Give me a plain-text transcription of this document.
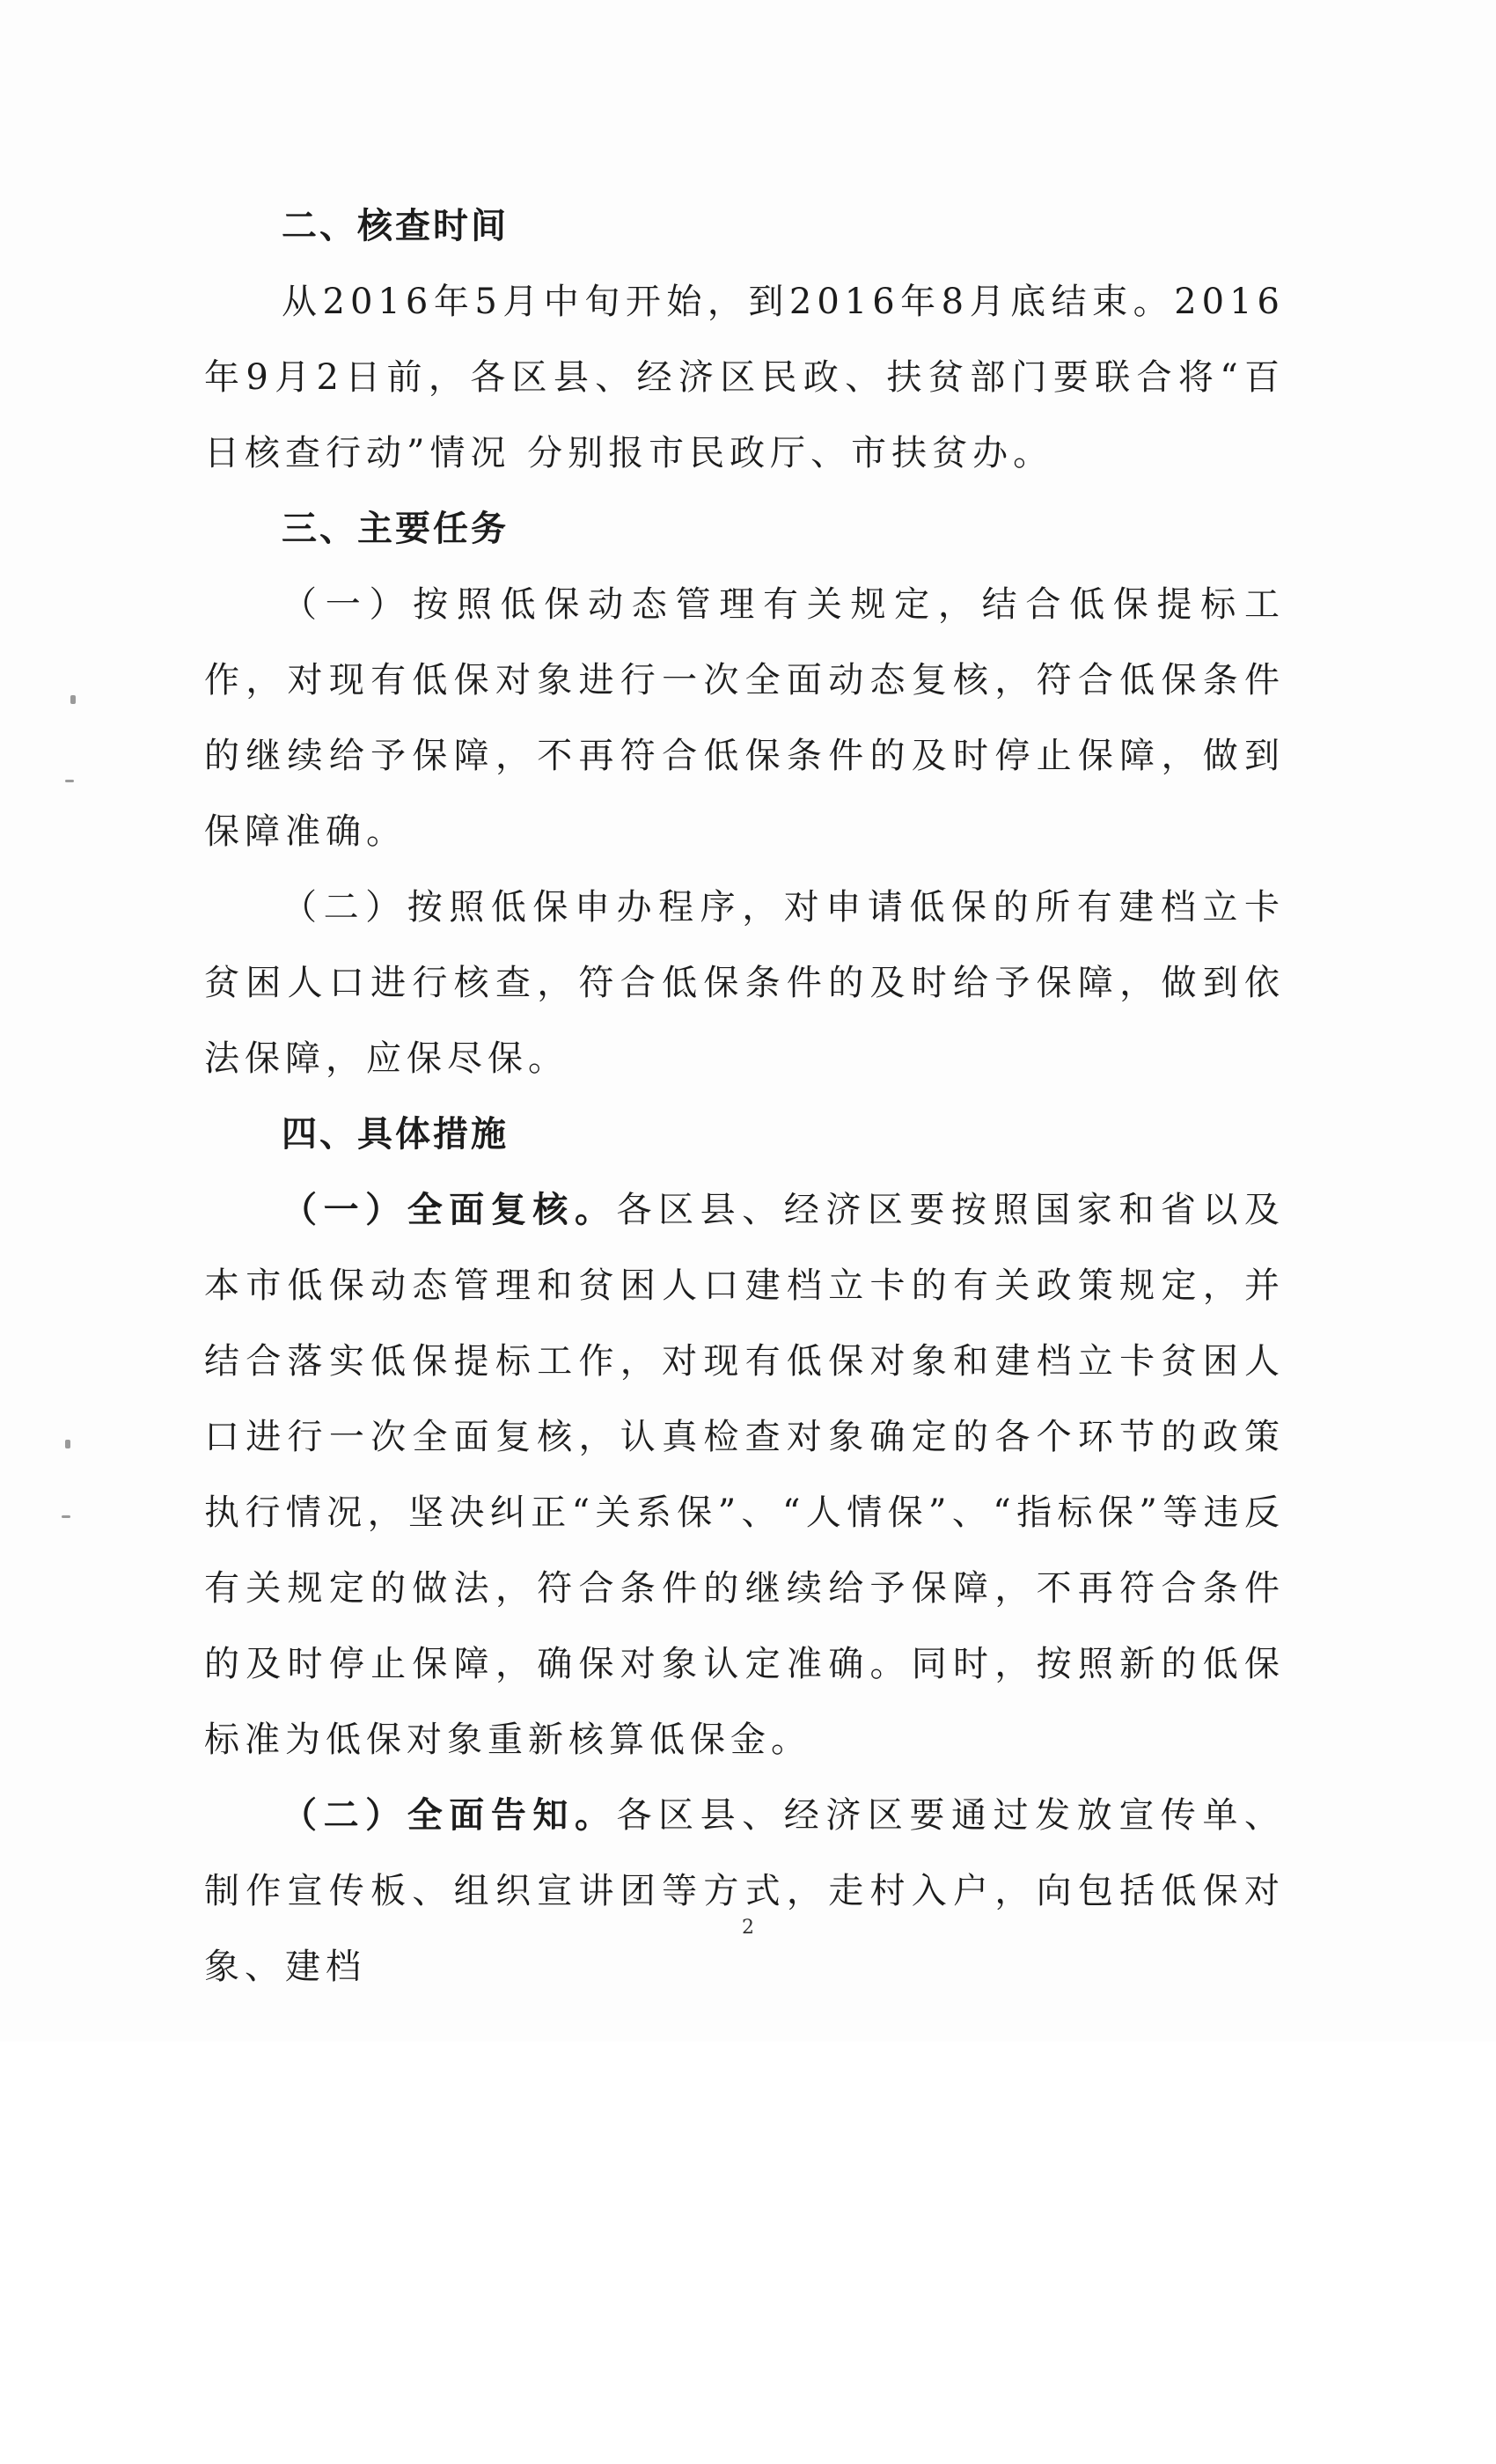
二、核查时间

从2016年5月中旬开始，到2016年8月底结束。2016年9月2日前，各区县、经济区民政、扶贫部门要联合将“百日核查行动”情况 分别报市民政厅、市扶贫办。

三、主要任务

（一）按照低保动态管理有关规定，结合低保提标工作，对现有低保对象进行一次全面动态复核，符合低保条件的继续给予保障，不再符合低保条件的及时停止保障，做到保障准确。

（二）按照低保申办程序，对申请低保的所有建档立卡贫困人口进行核查，符合低保条件的及时给予保障，做到依法保障，应保尽保。

四、具体措施

（一）全面复核。各区县、经济区要按照国家和省以及本市低保动态管理和贫困人口建档立卡的有关政策规定，并结合落实低保提标工作，对现有低保对象和建档立卡贫困人口进行一次全面复核，认真检查对象确定的各个环节的政策执行情况，坚决纠正“关系保”、“人情保”、“指标保”等违反有关规定的做法，符合条件的继续给予保障，不再符合条件的及时停止保障，确保对象认定准确。同时，按照新的低保标准为低保对象重新核算低保金。

（二）全面告知。各区县、经济区要通过发放宣传单、制作宣传板、组织宣讲团等方式，走村入户，向包括低保对象、建档

2
